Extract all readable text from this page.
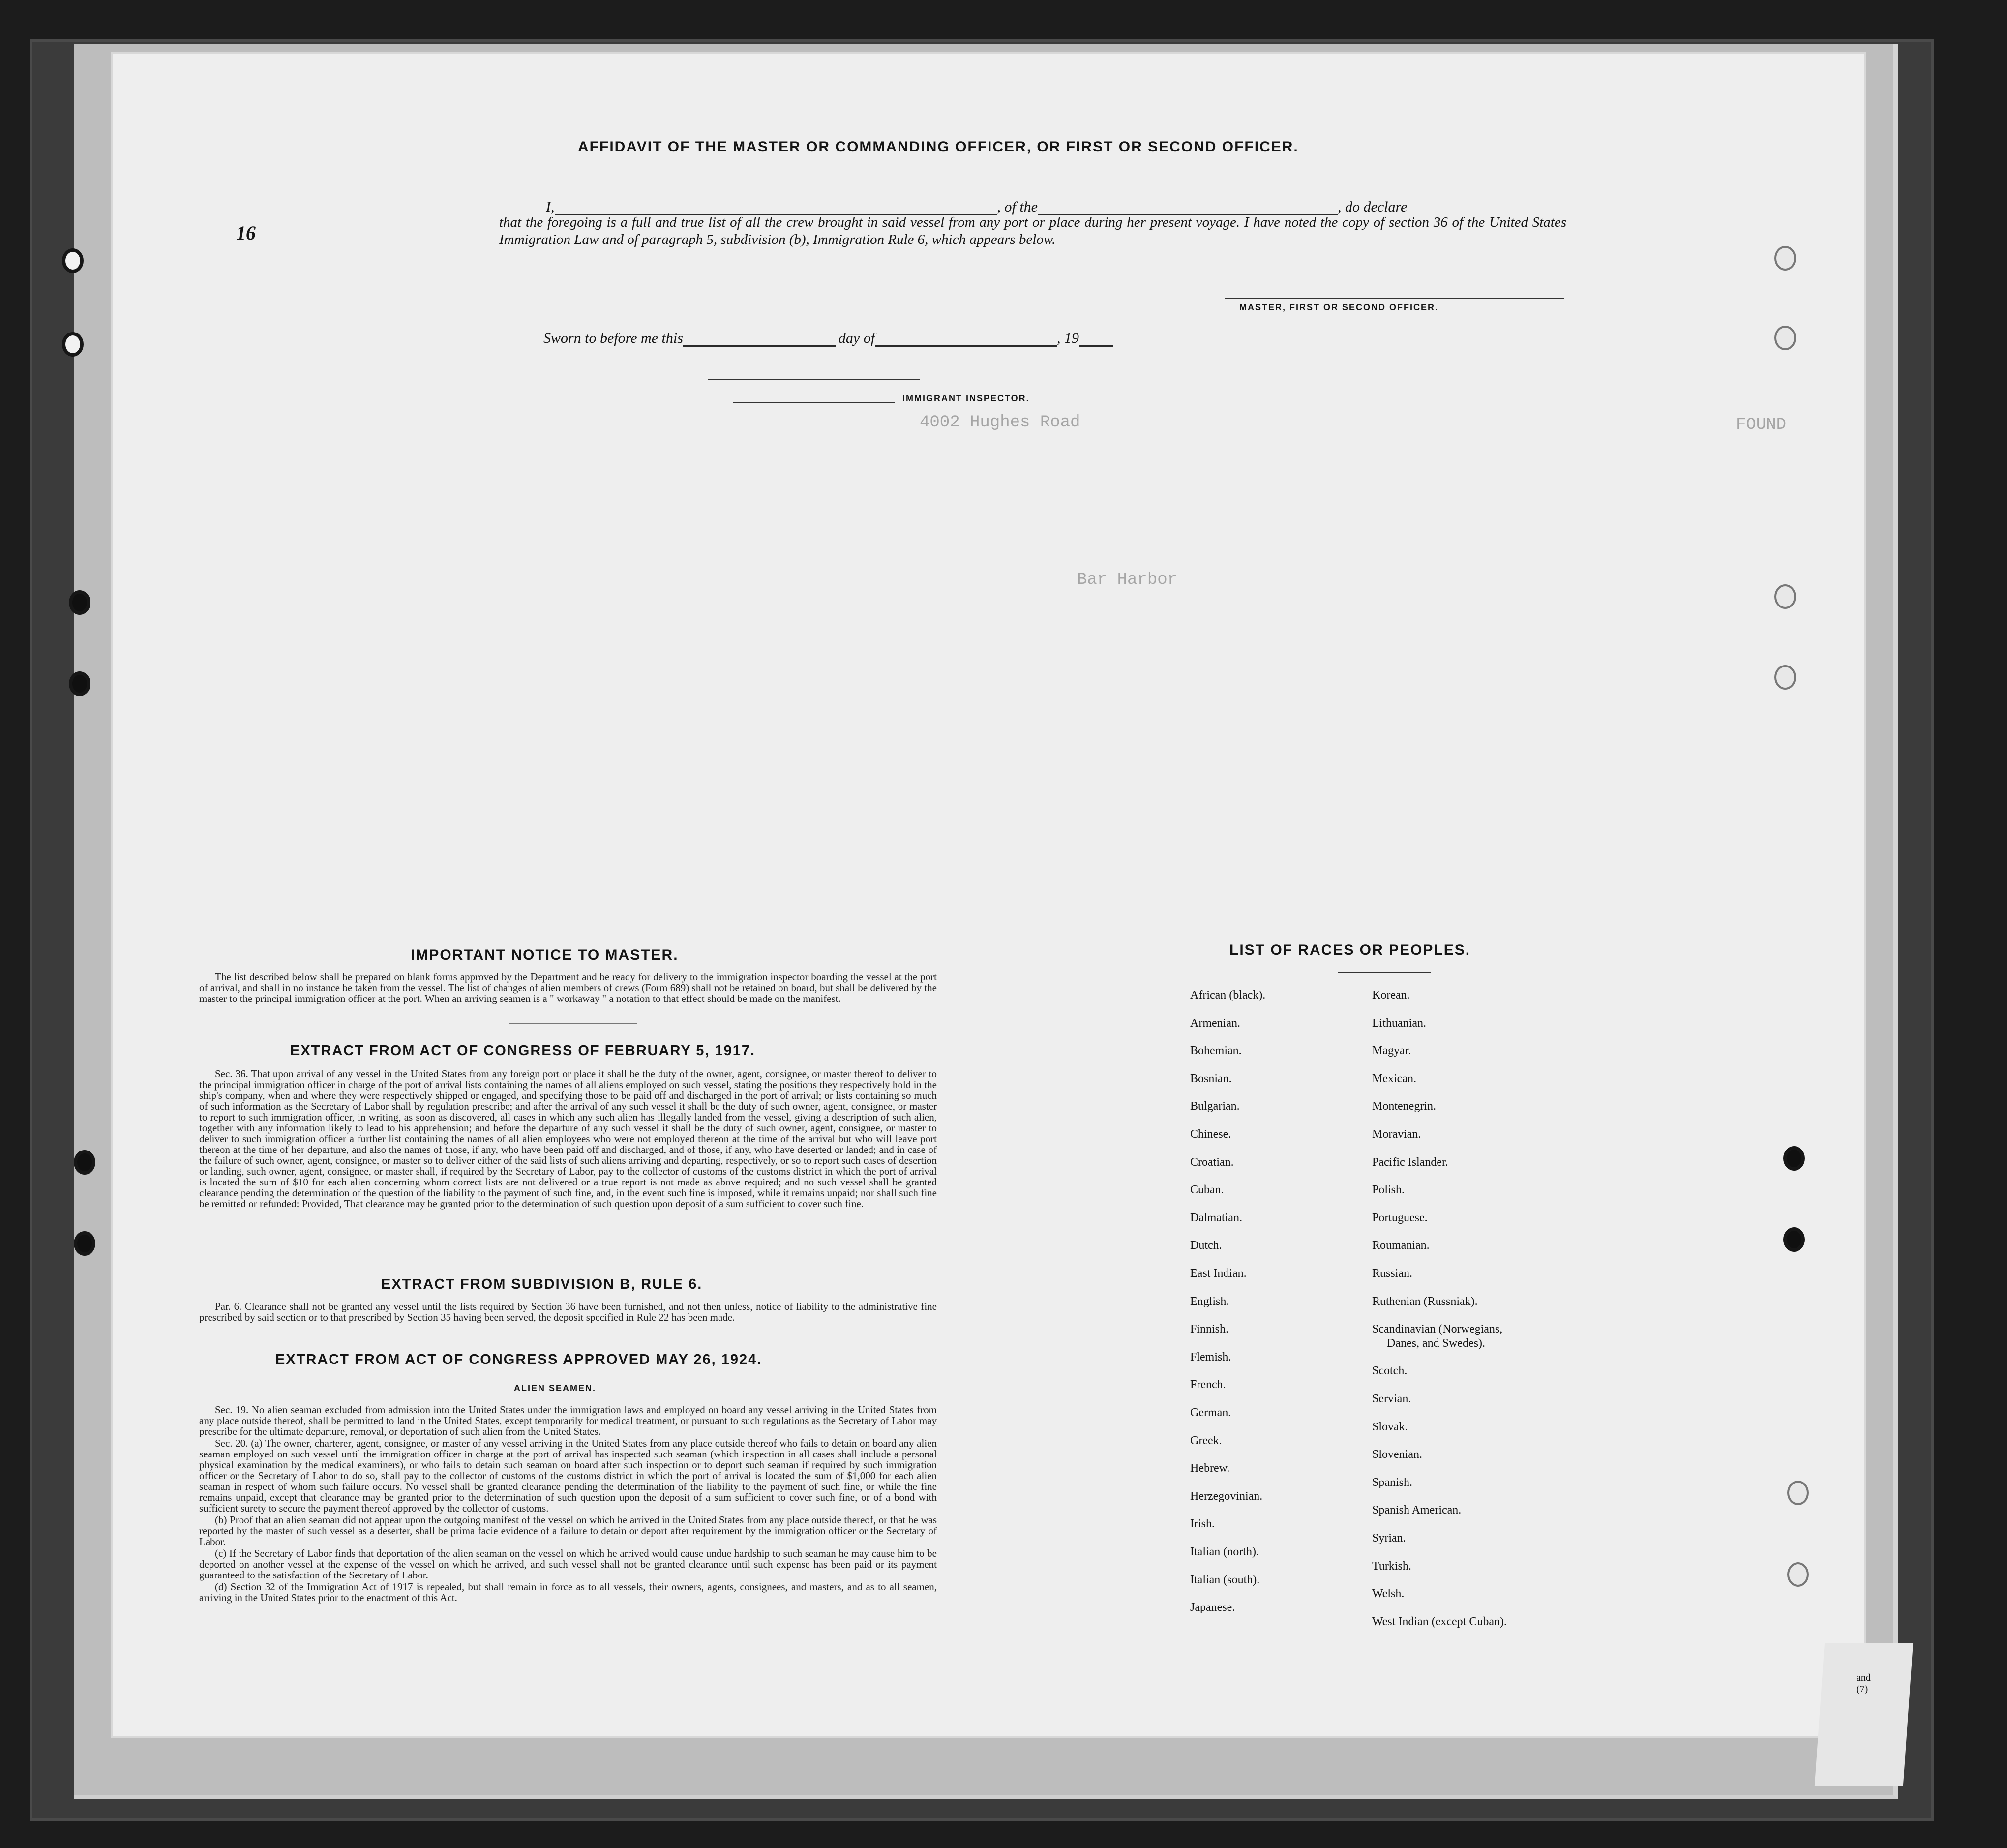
4002 Hughes Road	FOUND
Bar Harbor
16
AFFIDAVIT OF THE MASTER OR COMMANDING OFFICER, OR FIRST OR SECOND OFFICER.
I,	, of the	, do declare
that the foregoing is a full and true list of all the crew brought in said vessel from any port or place during her present voyage. I have noted the copy of section 36 of the United States Immigration Law and of paragraph 5, subdivision (b), Immigration Rule 6, which appears below.
MASTER, FIRST OR SECOND OFFICER.
Sworn to before me this	day of	, 19
IMMIGRANT INSPECTOR.
IMPORTANT NOTICE TO MASTER.

The list described below shall be prepared on blank forms approved by the Department and be ready for delivery to the immigration inspector boarding the vessel at the port of arrival, and shall in no instance be taken from the vessel. The list of changes of alien members of crews (Form 689) shall not be retained on board, but shall be delivered by the master to the principal immigration officer at the port. When an arriving seamen is a " workaway " a notation to that effect should be made on the manifest.

EXTRACT FROM ACT OF CONGRESS OF FEBRUARY 5, 1917.

Sec. 36. That upon arrival of any vessel in the United States from any foreign port or place it shall be the duty of the owner, agent, consignee, or master thereof to deliver to the principal immigration officer in charge of the port of arrival lists containing the names of all aliens employed on such vessel, stating the positions they respectively hold in the ship's company, when and where they were respectively shipped or engaged, and specifying those to be paid off and discharged in the port of arrival; or lists containing so much of such information as the Secretary of Labor shall by regulation prescribe; and after the arrival of any such vessel it shall be the duty of such owner, agent, consignee, or master to report to such immigration officer, in writing, as soon as discovered, all cases in which any such alien has illegally landed from the vessel, giving a description of such alien, together with any information likely to lead to his apprehension; and before the departure of any such vessel it shall be the duty of such owner, agent, consignee, or master to deliver to such immigration officer a further list containing the names of all alien employees who were not employed thereon at the time of the arrival but who will leave port thereon at the time of her departure, and also the names of those, if any, who have been paid off and discharged, and of those, if any, who have deserted or landed; and in case of the failure of such owner, agent, consignee, or master so to deliver either of the said lists of such aliens arriving and departing, respectively, or so to report such cases of desertion or landing, such owner, agent, consignee, or master shall, if required by the Secretary of Labor, pay to the collector of customs of the customs district in which the port of arrival is located the sum of $10 for each alien concerning whom correct lists are not delivered or a true report is not made as above required; and no such vessel shall be granted clearance pending the determination of the question of the liability to the payment of such fine, and, in the event such fine is imposed, while it remains unpaid; nor shall such fine be remitted or refunded: Provided, That clearance may be granted prior to the determination of such question upon deposit of a sum sufficient to cover such fine.

EXTRACT FROM SUBDIVISION B, RULE 6.

Par. 6. Clearance shall not be granted any vessel until the lists required by Section 36 have been furnished, and not then unless, notice of liability to the administrative fine prescribed by said section or to that prescribed by Section 35 having been served, the deposit specified in Rule 22 has been made.

EXTRACT FROM ACT OF CONGRESS APPROVED MAY 26, 1924.
ALIEN SEAMEN.

Sec. 19. No alien seaman excluded from admission into the United States under the immigration laws and employed on board any vessel arriving in the United States from any place outside thereof, shall be permitted to land in the United States, except temporarily for medical treatment, or pursuant to such regulations as the Secretary of Labor may prescribe for the ultimate departure, removal, or deportation of such alien from the United States.

Sec. 20. (a) The owner, charterer, agent, consignee, or master of any vessel arriving in the United States from any place outside thereof who fails to detain on board any alien seaman employed on such vessel until the immigration officer in charge at the port of arrival has inspected such seaman (which inspection in all cases shall include a personal physical examination by the medical examiners), or who fails to detain such seaman on board after such inspection or to deport such seaman if required by such immigration officer or the Secretary of Labor to do so, shall pay to the collector of customs of the customs district in which the port of arrival is located the sum of $1,000 for each alien seaman in respect of whom such failure occurs. No vessel shall be granted clearance pending the determination of the liability to the payment of such fine, or while the fine remains unpaid, except that clearance may be granted prior to the determination of such question upon the deposit of a sum sufficient to cover such fine, or of a bond with sufficient surety to secure the payment thereof approved by the collector of customs.

(b) Proof that an alien seaman did not appear upon the outgoing manifest of the vessel on which he arrived in the United States from any place outside thereof, or that he was reported by the master of such vessel as a deserter, shall be prima facie evidence of a failure to detain or deport after requirement by the immigration officer or the Secretary of Labor.

(c) If the Secretary of Labor finds that deportation of the alien seaman on the vessel on which he arrived would cause undue hardship to such seaman he may cause him to be deported on another vessel at the expense of the vessel on which he arrived, and such vessel shall not be granted clearance until such expense has been paid or its payment guaranteed to the satisfaction of the Secretary of Labor.

(d) Section 32 of the Immigration Act of 1917 is repealed, but shall remain in force as to all vessels, their owners, agents, consignees, and masters, and as to all seamen, arriving in the United States prior to the enactment of this Act.

LIST OF RACES OR PEOPLES.
African (black).
Armenian.
Bohemian.
Bosnian.
Bulgarian.
Chinese.
Croatian.
Cuban.
Dalmatian.
Dutch.
East Indian.
English.
Finnish.
Flemish.
French.
German.
Greek.
Hebrew.
Herzegovinian.
Irish.
Italian (north).
Italian (south).
Japanese.
Korean.
Lithuanian.
Magyar.
Mexican.
Montenegrin.
Moravian.
Pacific Islander.
Polish.
Portuguese.
Roumanian.
Russian.
Ruthenian (Russniak).
Scandinavian (Norwegians,
Danes, and Swedes).
Scotch.
Servian.
Slovak.
Slovenian.
Spanish.
Spanish American.
Syrian.
Turkish.
Welsh.
West Indian (except Cuban).
and (7)
